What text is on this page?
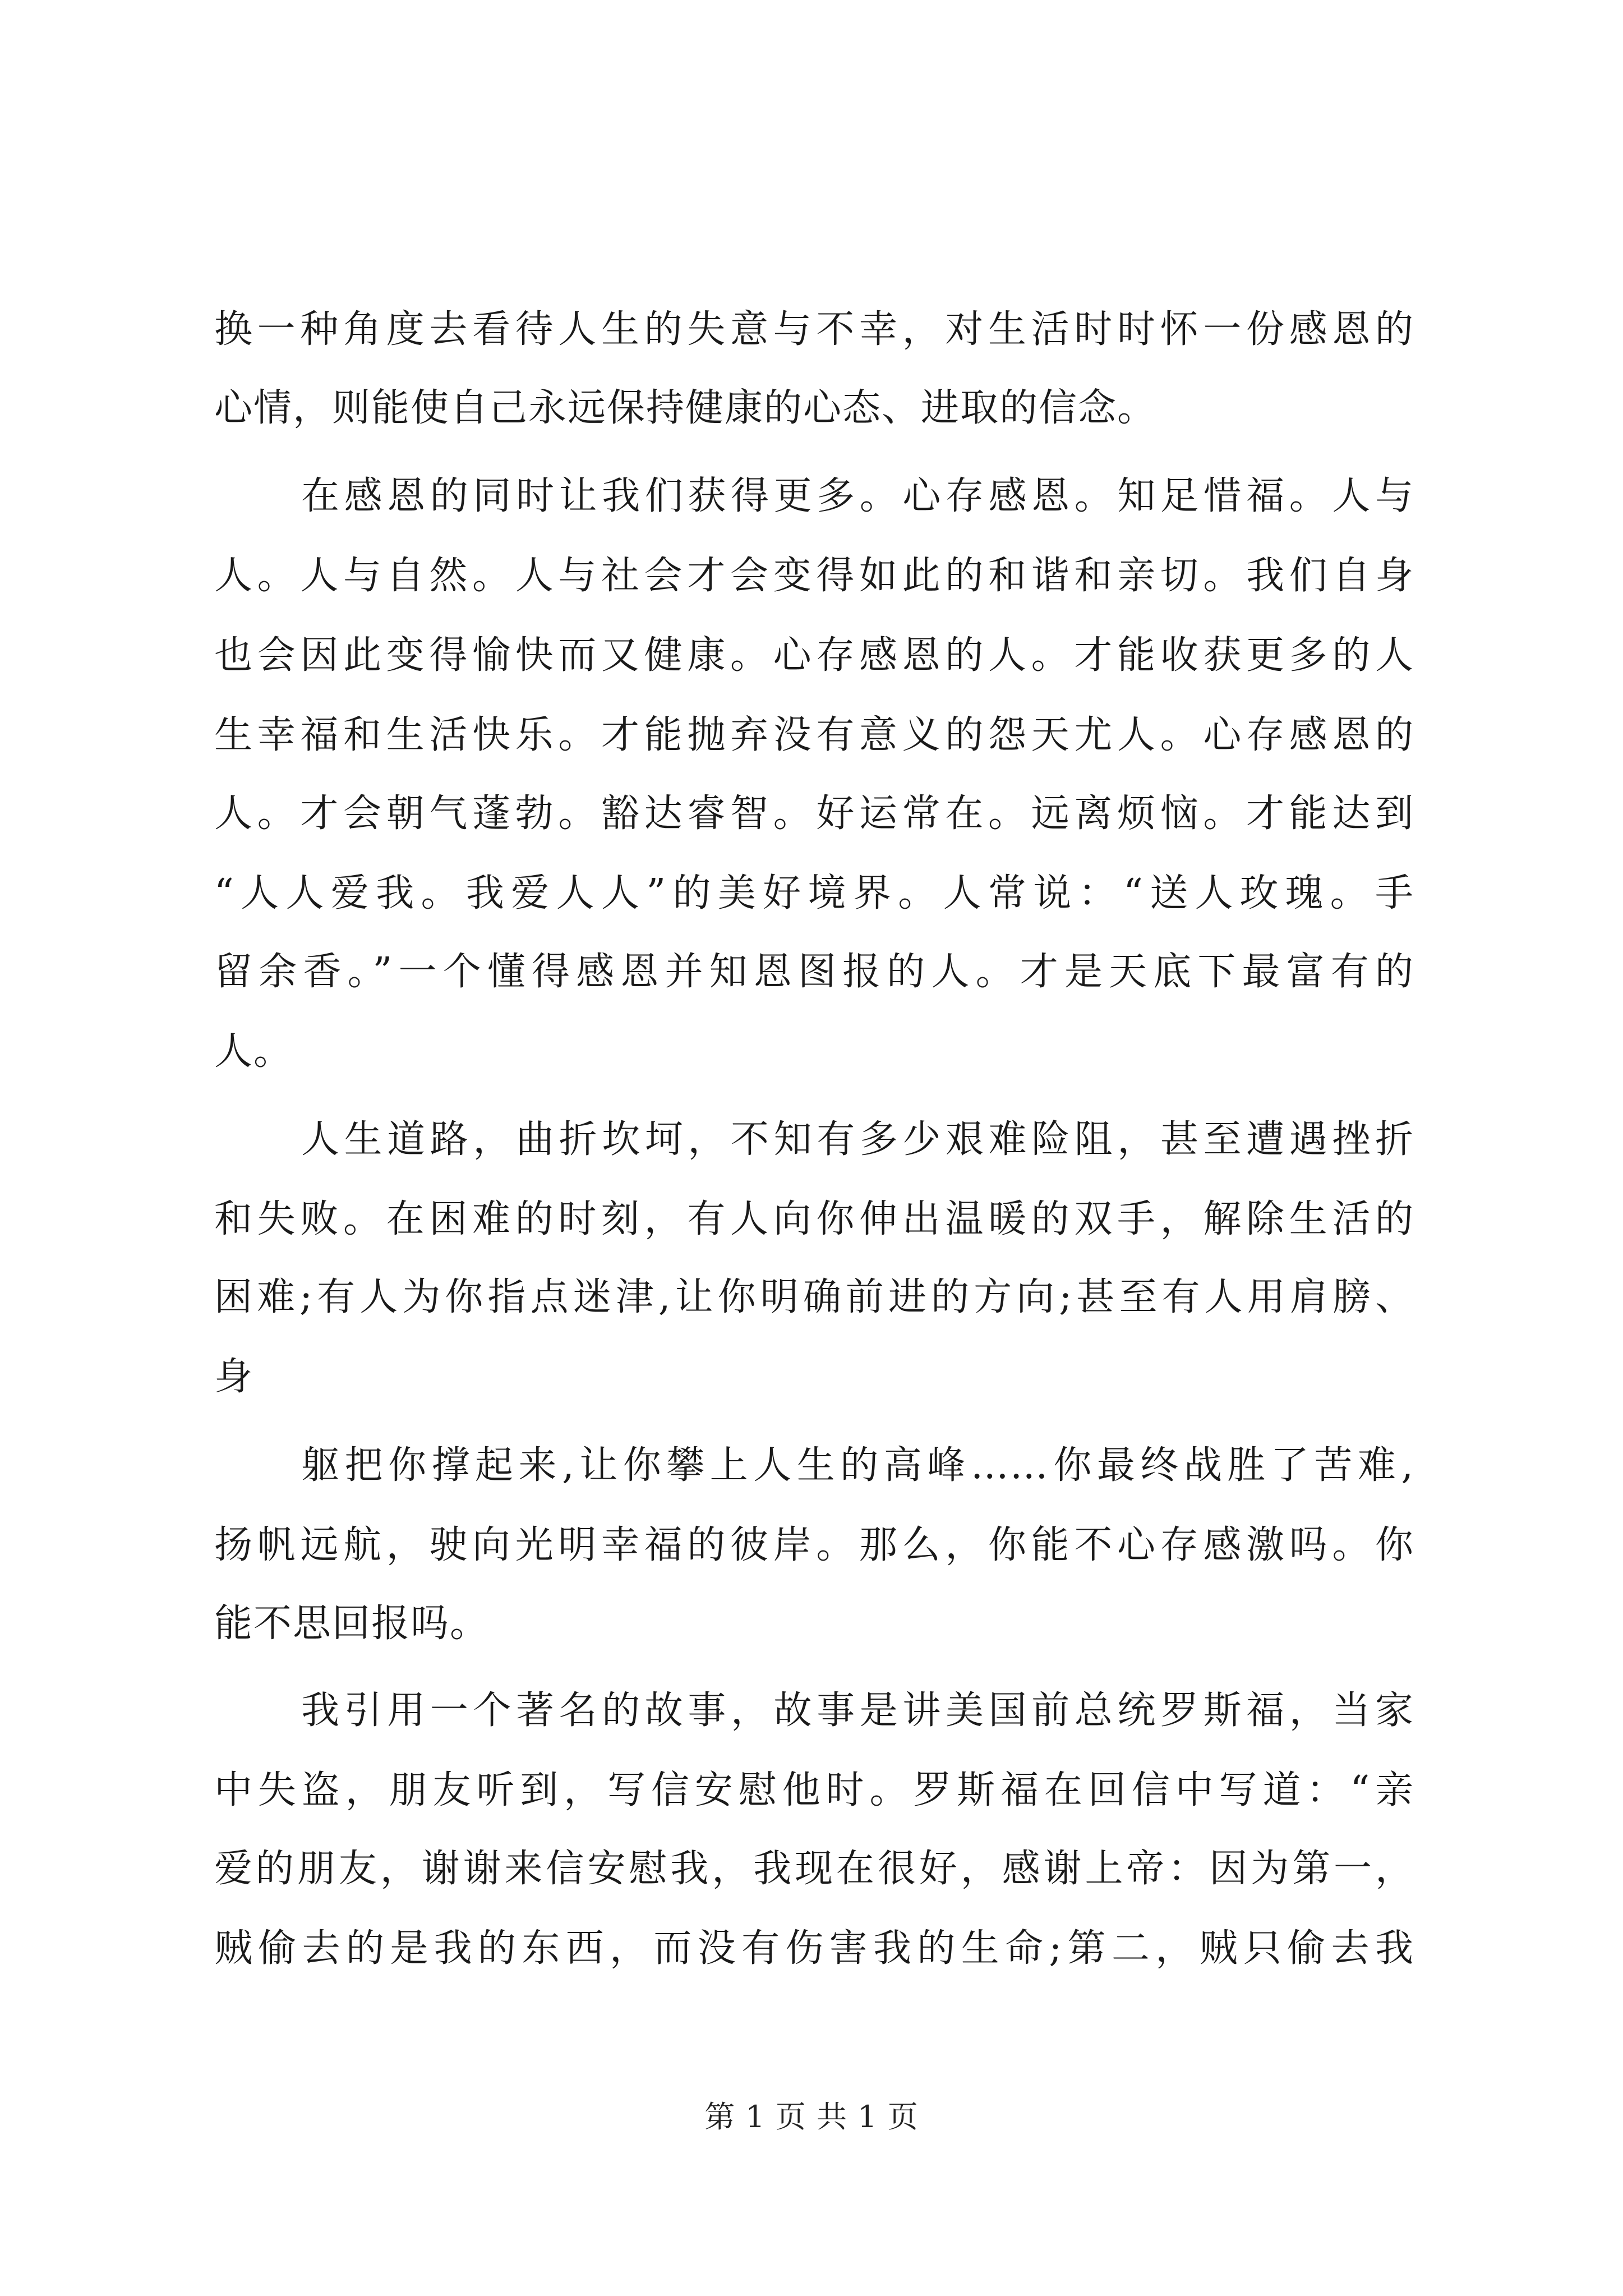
换一种角度去看待人生的失意与不幸，对生活时时怀一份感恩的
心情，则能使自己永远保持健康的心态、进取的信念。
在感恩的同时让我们获得更多。心存感恩。知足惜福。人与
人。人与自然。人与社会才会变得如此的和谐和亲切。我们自身
也会因此变得愉快而又健康。心存感恩的人。才能收获更多的人
生幸福和生活快乐。才能抛弃没有意义的怨天尤人。心存感恩的
人。才会朝气蓬勃。豁达睿智。好运常在。远离烦恼。才能达到
“人人爱我。我爱人人”的美好境界。人常说：“送人玫瑰。手
留余香。”一个懂得感恩并知恩图报的人。才是天底下最富有的
人。
人生道路，曲折坎坷，不知有多少艰难险阻，甚至遭遇挫折
和失败。在困难的时刻，有人向你伸出温暖的双手，解除生活的
困难;有人为你指点迷津,让你明确前进的方向;甚至有人用肩膀、
身
躯把你撑起来,让你攀上人生的高峰……你最终战胜了苦难,
扬帆远航，驶向光明幸福的彼岸。那么，你能不心存感激吗。你
能不思回报吗。
我引用一个著名的故事，故事是讲美国前总统罗斯福，当家
中失盗，朋友听到，写信安慰他时。罗斯福在回信中写道：“亲
爱的朋友，谢谢来信安慰我，我现在很好，感谢上帝：因为第一，
贼偷去的是我的东西，而没有伤害我的生命;第二，贼只偷去我
第 1 页 共 1 页
